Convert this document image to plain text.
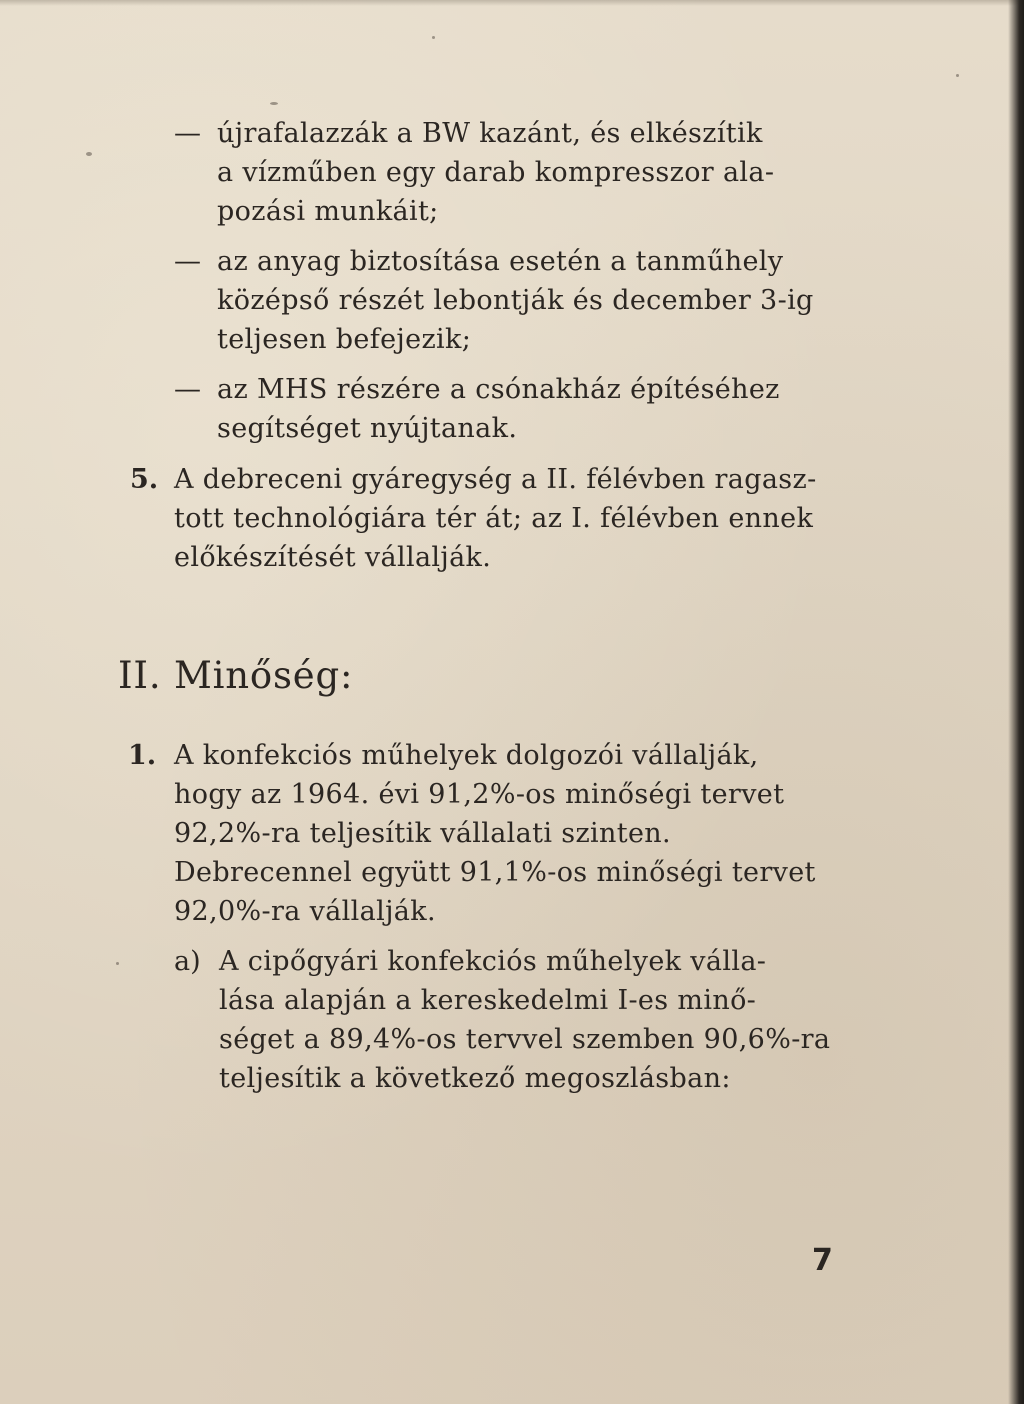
— újrafalazzák a BW kazánt, és elkészítik
a vízműben egy darab kompresszor ala-
pozási munkáit;
— az anyag biztosítása esetén a tanműhely
középső részét lebontják és december 3-ig
teljesen befejezik;
— az MHS részére a csónakház építéséhez
segítséget nyújtanak.
5. A debreceni gyáregység a II. félévben ragasz-
tott technológiára tér át; az I. félévben ennek
előkészítését vállalják.
II. Minőség:
1. A konfekciós műhelyek dolgozói vállalják,
hogy az 1964. évi 91,2%-os minőségi tervet
92,2%-ra teljesítik vállalati szinten.
Debrecennel együtt 91,1%-os minőségi tervet
92,0%-ra vállalják.
a) A cipőgyári konfekciós műhelyek válla-
lása alapján a kereskedelmi I-es minő-
séget a 89,4%-os tervvel szemben 90,6%-ra
teljesítik a következő megoszlásban:
7
